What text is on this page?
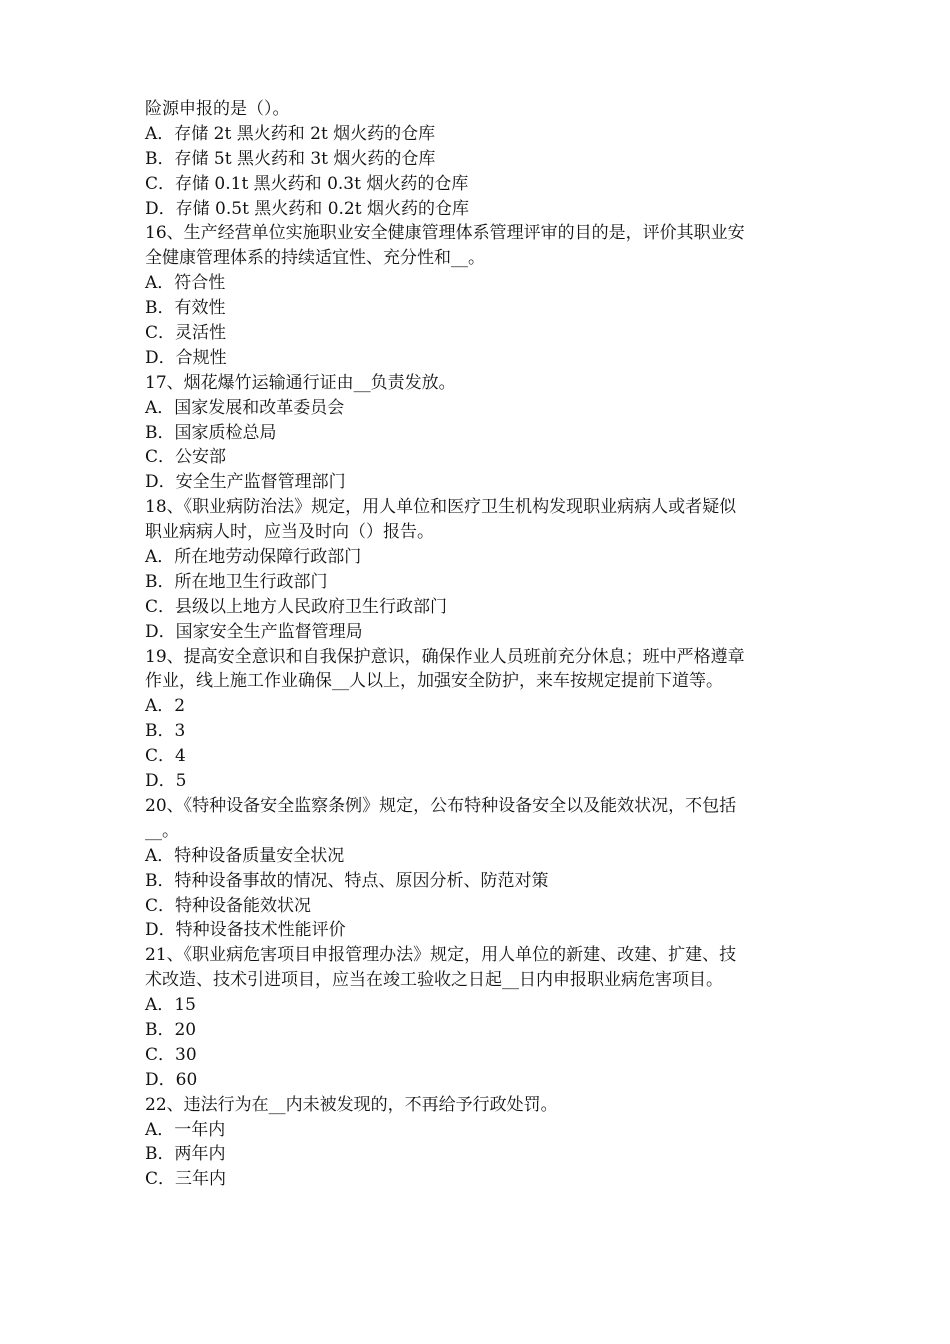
险源申报的是（）。
A．存储 2t 黑火药和 2t 烟火药的仓库
B．存储 5t 黑火药和 3t 烟火药的仓库
C．存储 0.1t 黑火药和 0.3t 烟火药的仓库
D．存储 0.5t 黑火药和 0.2t 烟火药的仓库
16、生产经营单位实施职业安全健康管理体系管理评审的目的是，评价其职业安
全健康管理体系的持续适宜性、充分性和__。
A．符合性
B．有效性
C．灵活性
D．合规性
17、烟花爆竹运输通行证由__负责发放。
A．国家发展和改革委员会
B．国家质检总局
C．公安部
D．安全生产监督管理部门
18、《职业病防治法》规定，用人单位和医疗卫生机构发现职业病病人或者疑似
职业病病人时，应当及时向（）报告。
A．所在地劳动保障行政部门
B．所在地卫生行政部门
C．县级以上地方人民政府卫生行政部门
D．国家安全生产监督管理局
19、提高安全意识和自我保护意识，确保作业人员班前充分休息；班中严格遵章
作业，线上施工作业确保__人以上，加强安全防护，来车按规定提前下道等。
A．2
B．3
C．4
D．5
20、《特种设备安全监察条例》规定，公布特种设备安全以及能效状况，不包括
__。
A．特种设备质量安全状况
B．特种设备事故的情况、特点、原因分析、防范对策
C．特种设备能效状况
D．特种设备技术性能评价
21、《职业病危害项目申报管理办法》规定，用人单位的新建、改建、扩建、技
术改造、技术引进项目，应当在竣工验收之日起__日内申报职业病危害项目。
A．15
B．20
C．30
D．60
22、违法行为在__内未被发现的，不再给予行政处罚。
A．一年内
B．两年内
C．三年内
